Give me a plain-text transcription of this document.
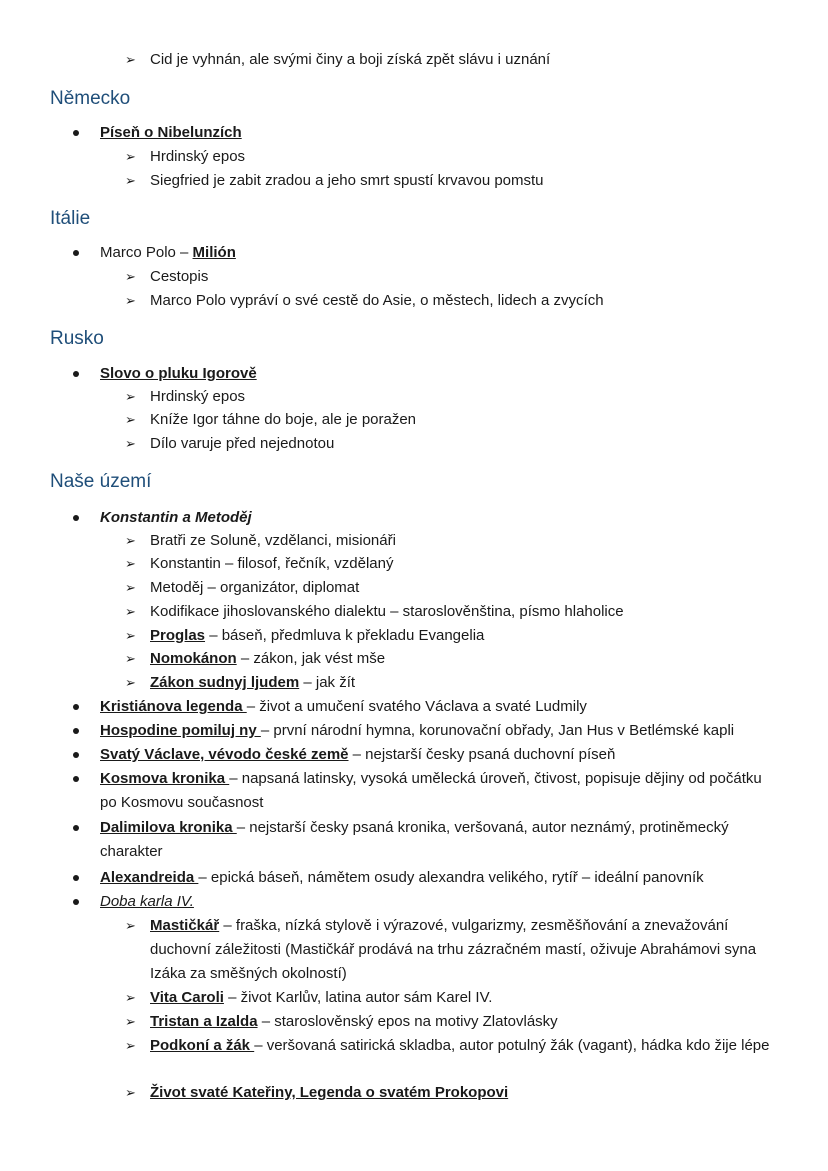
➢ Cid je vyhnán, ale svými činy a boji získá zpět slávu i uznání
Německo
Píseň o Nibelunzích
➢ Hrdinský epos
➢ Siegfried je zabit zradou a jeho smrt spustí krvavou pomstu
Itálie
Marco Polo – Milión
➢ Cestopis
➢ Marco Polo vypráví o své cestě do Asie, o městech, lidech a zvycích
Rusko
Slovo o pluku Igorově
➢ Hrdinský epos
➢ Kníže Igor táhne do boje, ale je poražen
➢ Dílo varuje před nejednotou
Naše území
Konstantin a Metoděj
➢ Bratři ze Soluně, vzdělanci, misionáři
➢ Konstantin – filosof, řečník, vzdělaný
➢ Metoděj – organizátor, diplomat
➢ Kodifikace jihoslovanského dialektu – staroslověnština, písmo hlaholice
➢ Proglas – báseň, předmluva k překladu Evangelia
➢ Nomokánon – zákon, jak vést mše
➢ Zákon sudnyj ljudem – jak žít
Kristiánova legenda – život a umučení svatého Václava a svaté Ludmily
Hospodine pomiluj ny – první národní hymna, korunovační obřady, Jan Hus v Betlémské kapli
Svatý Václave, vévodo české země – nejstarší česky psaná duchovní píseň
Kosmova kronika – napsaná latinsky, vysoká umělecká úroveň, čtivost, popisuje dějiny od počátku po Kosmovu současnost
Dalimilova kronika – nejstarší česky psaná kronika, veršovaná, autor neznámý, protiněmecký charakter
Alexandreida – epická báseň, námětem osudy alexandra velikého, rytíř – ideální panovník
Doba karla IV.
➢ Mastičkář – fraška, nízká stylově i výrazové, vulgarizmy, zesměšňování a znevažování duchovní záležitosti (Mastičkář prodává na trhu zázračném mastí, oživuje Abrahámovi syna Izáka za směšných okolností)
➢ Vita Caroli – život Karlův, latina autor sám Karel IV.
➢ Tristan a Izalda – staroslověnský epos na motivy Zlatovlásky
➢ Podkoní a žák – veršovaná satirická skladba, autor potulný žák (vagant), hádka kdo žije lépe
➢ Život svaté Kateřiny, Legenda o svatém Prokopovi
